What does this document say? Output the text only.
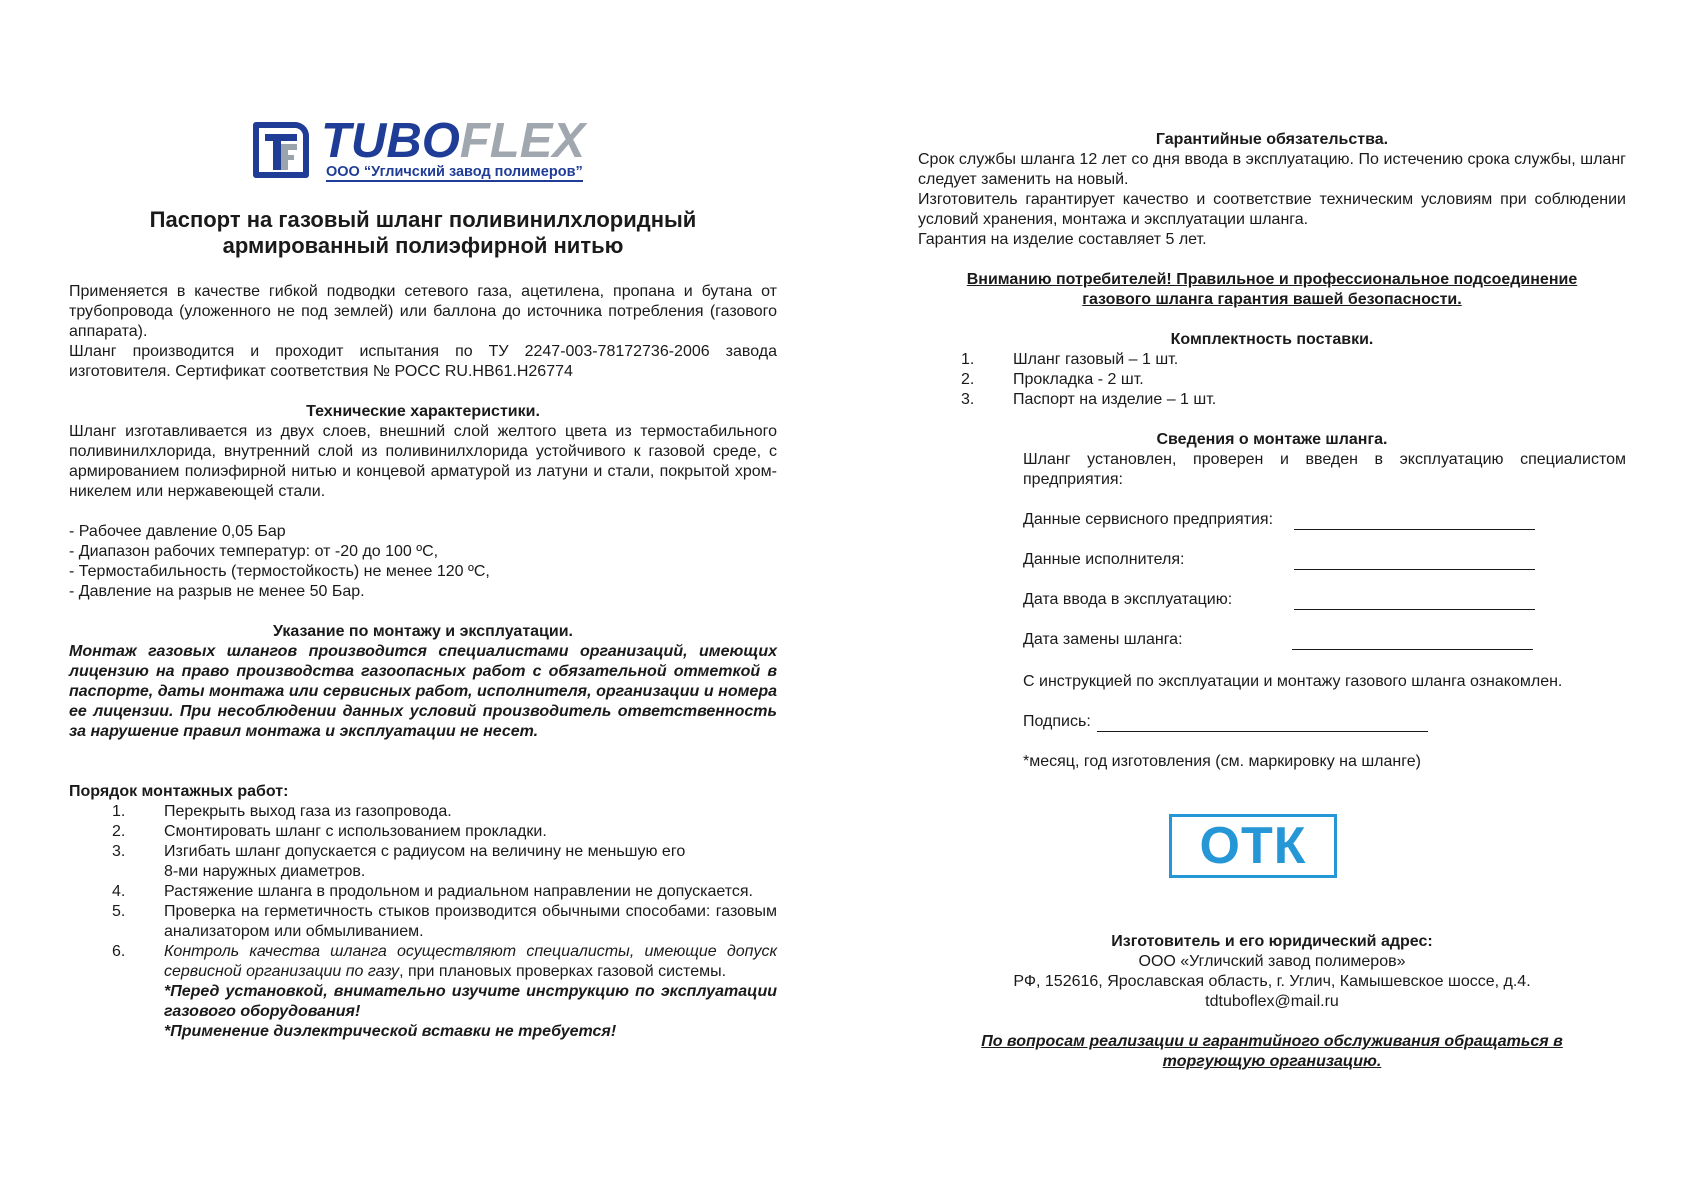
TUBOFLEX
ООО “Угличский завод полимеров”
Паспорт на газовый шланг поливинилхлоридный
армированный полиэфирной нитью
Применяется в качестве гибкой подводки сетевого газа, ацетилена, пропана и бутана от трубопровода (уложенного не под землей) или баллона до источника потребления (газового аппарата).
Шланг производится и проходит испытания по ТУ 2247-003-78172736-2006 завода изготовителя. Сертификат соответствия № РОСС RU.НВ61.Н26774
Технические характеристики.
Шланг изготавливается из двух слоев, внешний слой желтого цвета из термостабильного поливинилхлорида, внутренний слой из поливинилхлорида устойчивого к газовой среде, с армированием полиэфирной нитью и концевой арматурой из латуни и стали, покрытой хром-никелем или нержавеющей стали.
- Рабочее давление 0,05 Бар
- Диапазон рабочих температур: от -20 до 100 ºС,
- Термостабильность (термостойкость) не менее 120 ºС,
- Давление на разрыв не менее 50 Бар.
Указание по монтажу и эксплуатации.
Монтаж газовых шлангов производится специалистами организаций, имеющих лицензию на право производства газоопасных работ с обязательной отметкой в паспорте, даты монтажа или сервисных работ, исполнителя, организации и номера ее лицензии. При несоблюдении данных условий производитель ответственность за нарушение правил монтажа и эксплуатации не несет.
Порядок монтажных работ:
1. Перекрыть выход газа из газопровода.
2. Смонтировать шланг с использованием прокладки.
3. Изгибать шланг допускается с радиусом на величину не меньшую его
8-ми наружных диаметров.
4. Растяжение шланга в продольном и радиальном направлении не допускается.
5. Проверка на герметичность стыков производится обычными способами: газовым анализатором или обмыливанием.
6. Контроль качества шланга осуществляют специалисты, имеющие допуск сервисной организации по газу, при плановых проверках газовой системы.
*Перед установкой, внимательно изучите инструкцию по эксплуатации газового оборудования!
*Применение диэлектрической вставки не требуется!
Гарантийные обязательства.
Срок службы шланга 12 лет со дня ввода в эксплуатацию. По истечению срока службы, шланг следует заменить на новый.
Изготовитель гарантирует качество и соответствие техническим условиям при соблюдении условий хранения, монтажа и эксплуатации шланга.
Гарантия на изделие составляет 5 лет.
Вниманию потребителей! Правильное и профессиональное подсоединение
газового шланга гарантия вашей безопасности.
Комплектность поставки.
1. Шланг газовый – 1 шт.
2. Прокладка - 2 шт.
3. Паспорт на изделие – 1 шт.
Сведения о монтаже шланга.
Шланг установлен, проверен и введен в эксплуатацию специалистом предприятия:
Данные сервисного предприятия:
Данные исполнителя:
Дата ввода в эксплуатацию:
Дата замены шланга:
С инструкцией по эксплуатации и монтажу газового шланга ознакомлен.
Подпись:
*месяц, год изготовления (см. маркировку на шланге)
ОТК
Изготовитель и его юридический адрес:
ООО «Угличский завод полимеров»
РФ, 152616, Ярославская область, г. Углич, Камышевское шоссе, д.4.
tdtuboflex@mail.ru
По вопросам реализации и гарантийного обслуживания обращаться в
торгующую организацию.
